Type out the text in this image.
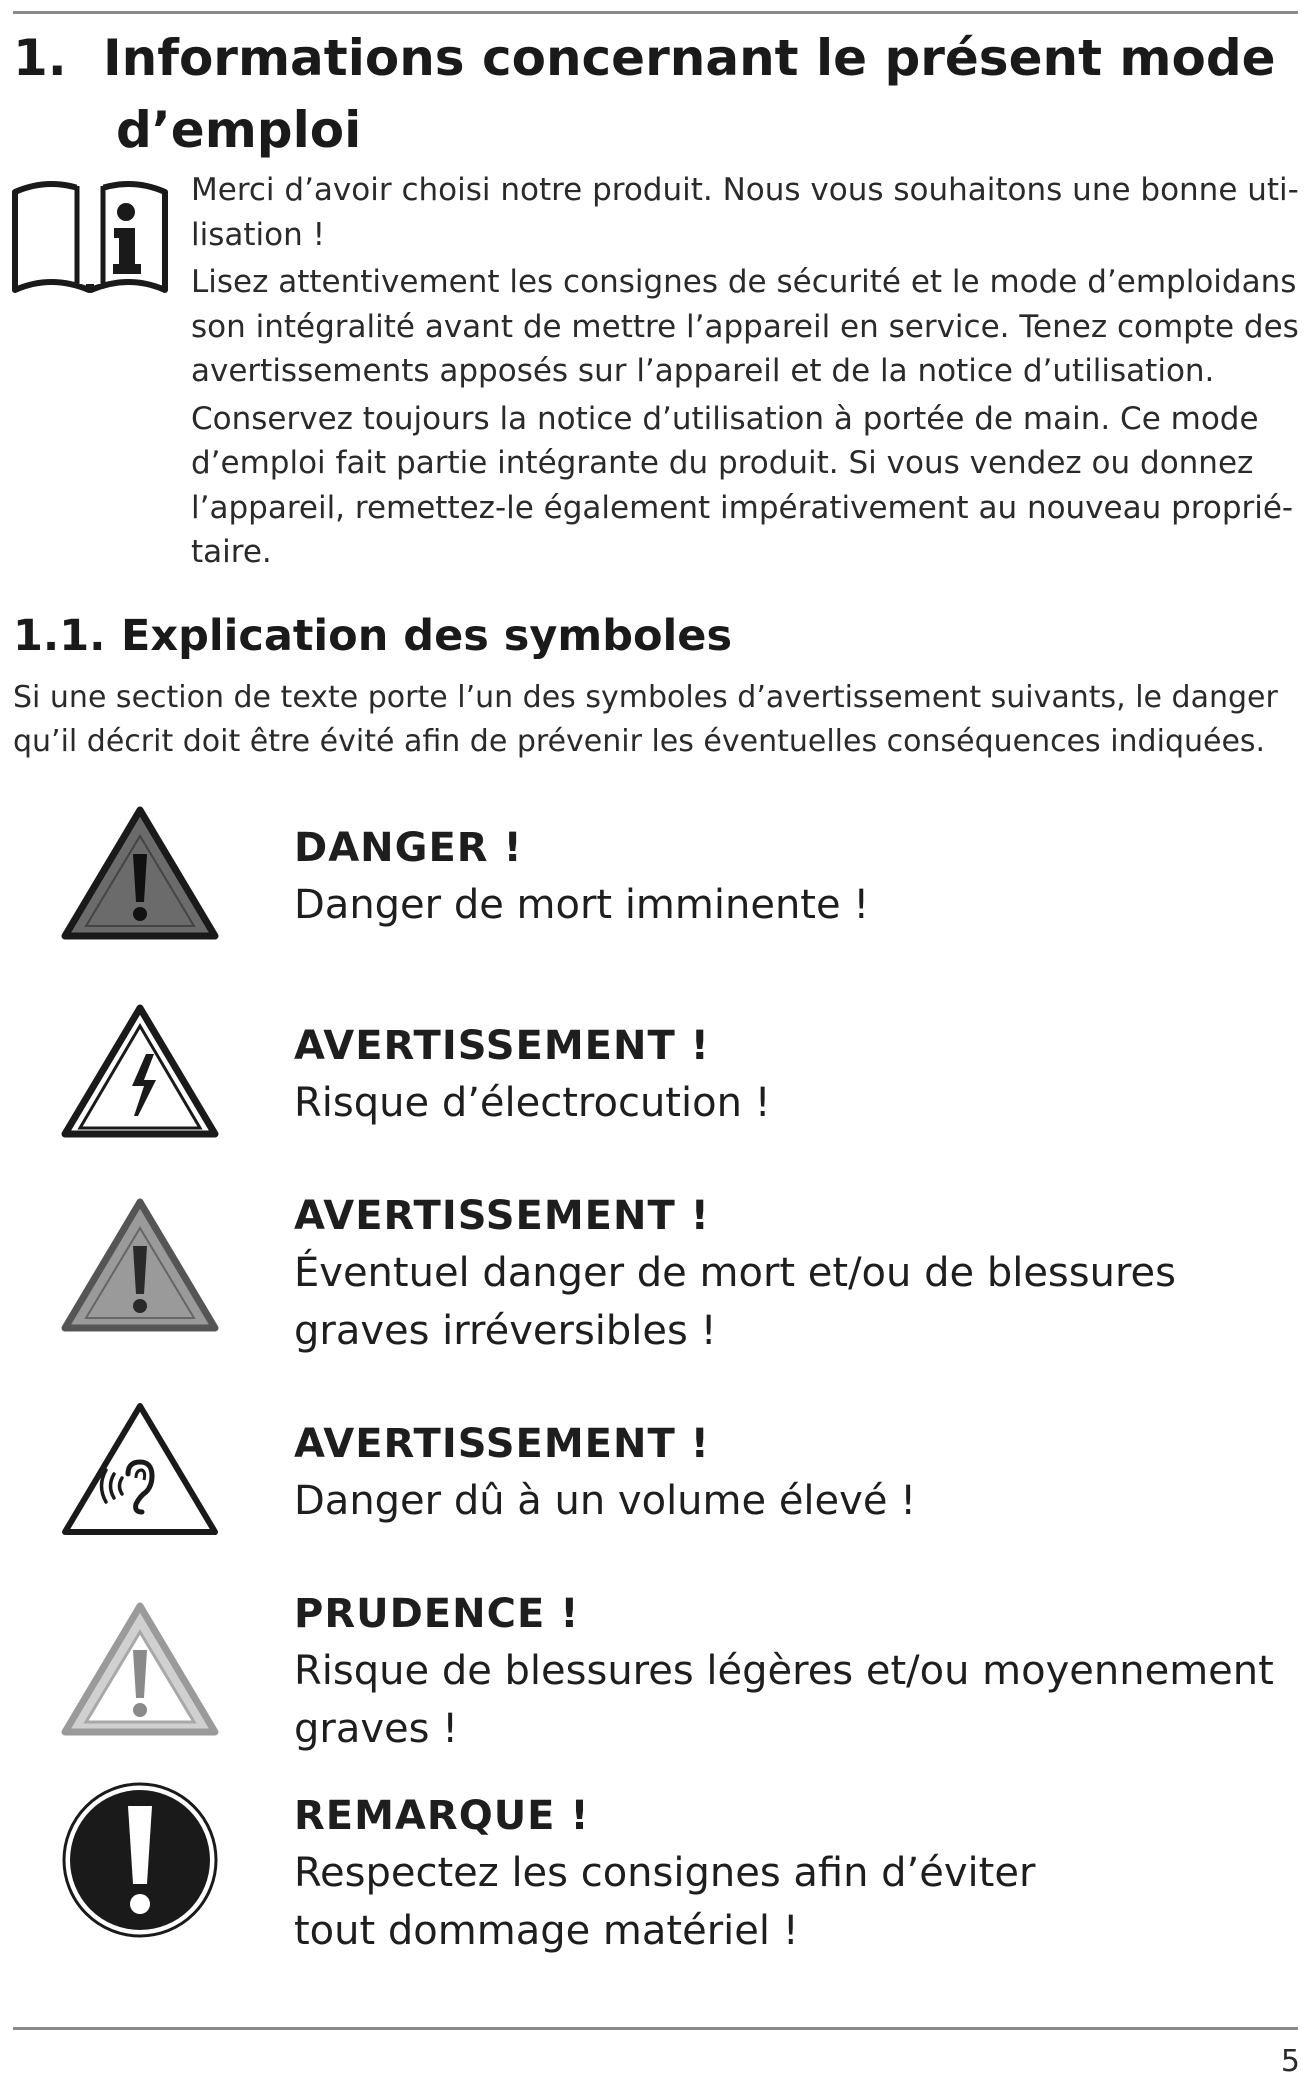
1. Informations concernant le présent mode
d’emploi

Merci d’avoir choisi notre produit. Nous vous souhaitons une bonne uti-lisation !

Lisez attentivement les consignes de sécurité et le mode d’emploidans son intégralité avant de mettre l’appareil en service. Tenez compte des avertissements apposés sur l’appareil et de la notice d’utilisation.

Conservez toujours la notice d’utilisation à portée de main. Ce mode d’emploi fait partie intégrante du produit. Si vous vendez ou donnez l’appareil, remettez-le également impérativement au nouveau proprié-taire.

1.1. Explication des symboles

Si une section de texte porte l’un des symboles d’avertissement suivants, le danger qu’il décrit doit être évité afin de prévenir les éventuelles conséquences indiquées.

DANGER !
Danger de mort imminente !
AVERTISSEMENT !
Risque d’électrocution !
AVERTISSEMENT !
Éventuel danger de mort et/ou de blessures
graves irréversibles !
AVERTISSEMENT !
Danger dû à un volume élevé !
PRUDENCE !
Risque de blessures légères et/ou moyennement
graves !
REMARQUE !
Respectez les consignes afin d’éviter
tout dommage matériel !
5
